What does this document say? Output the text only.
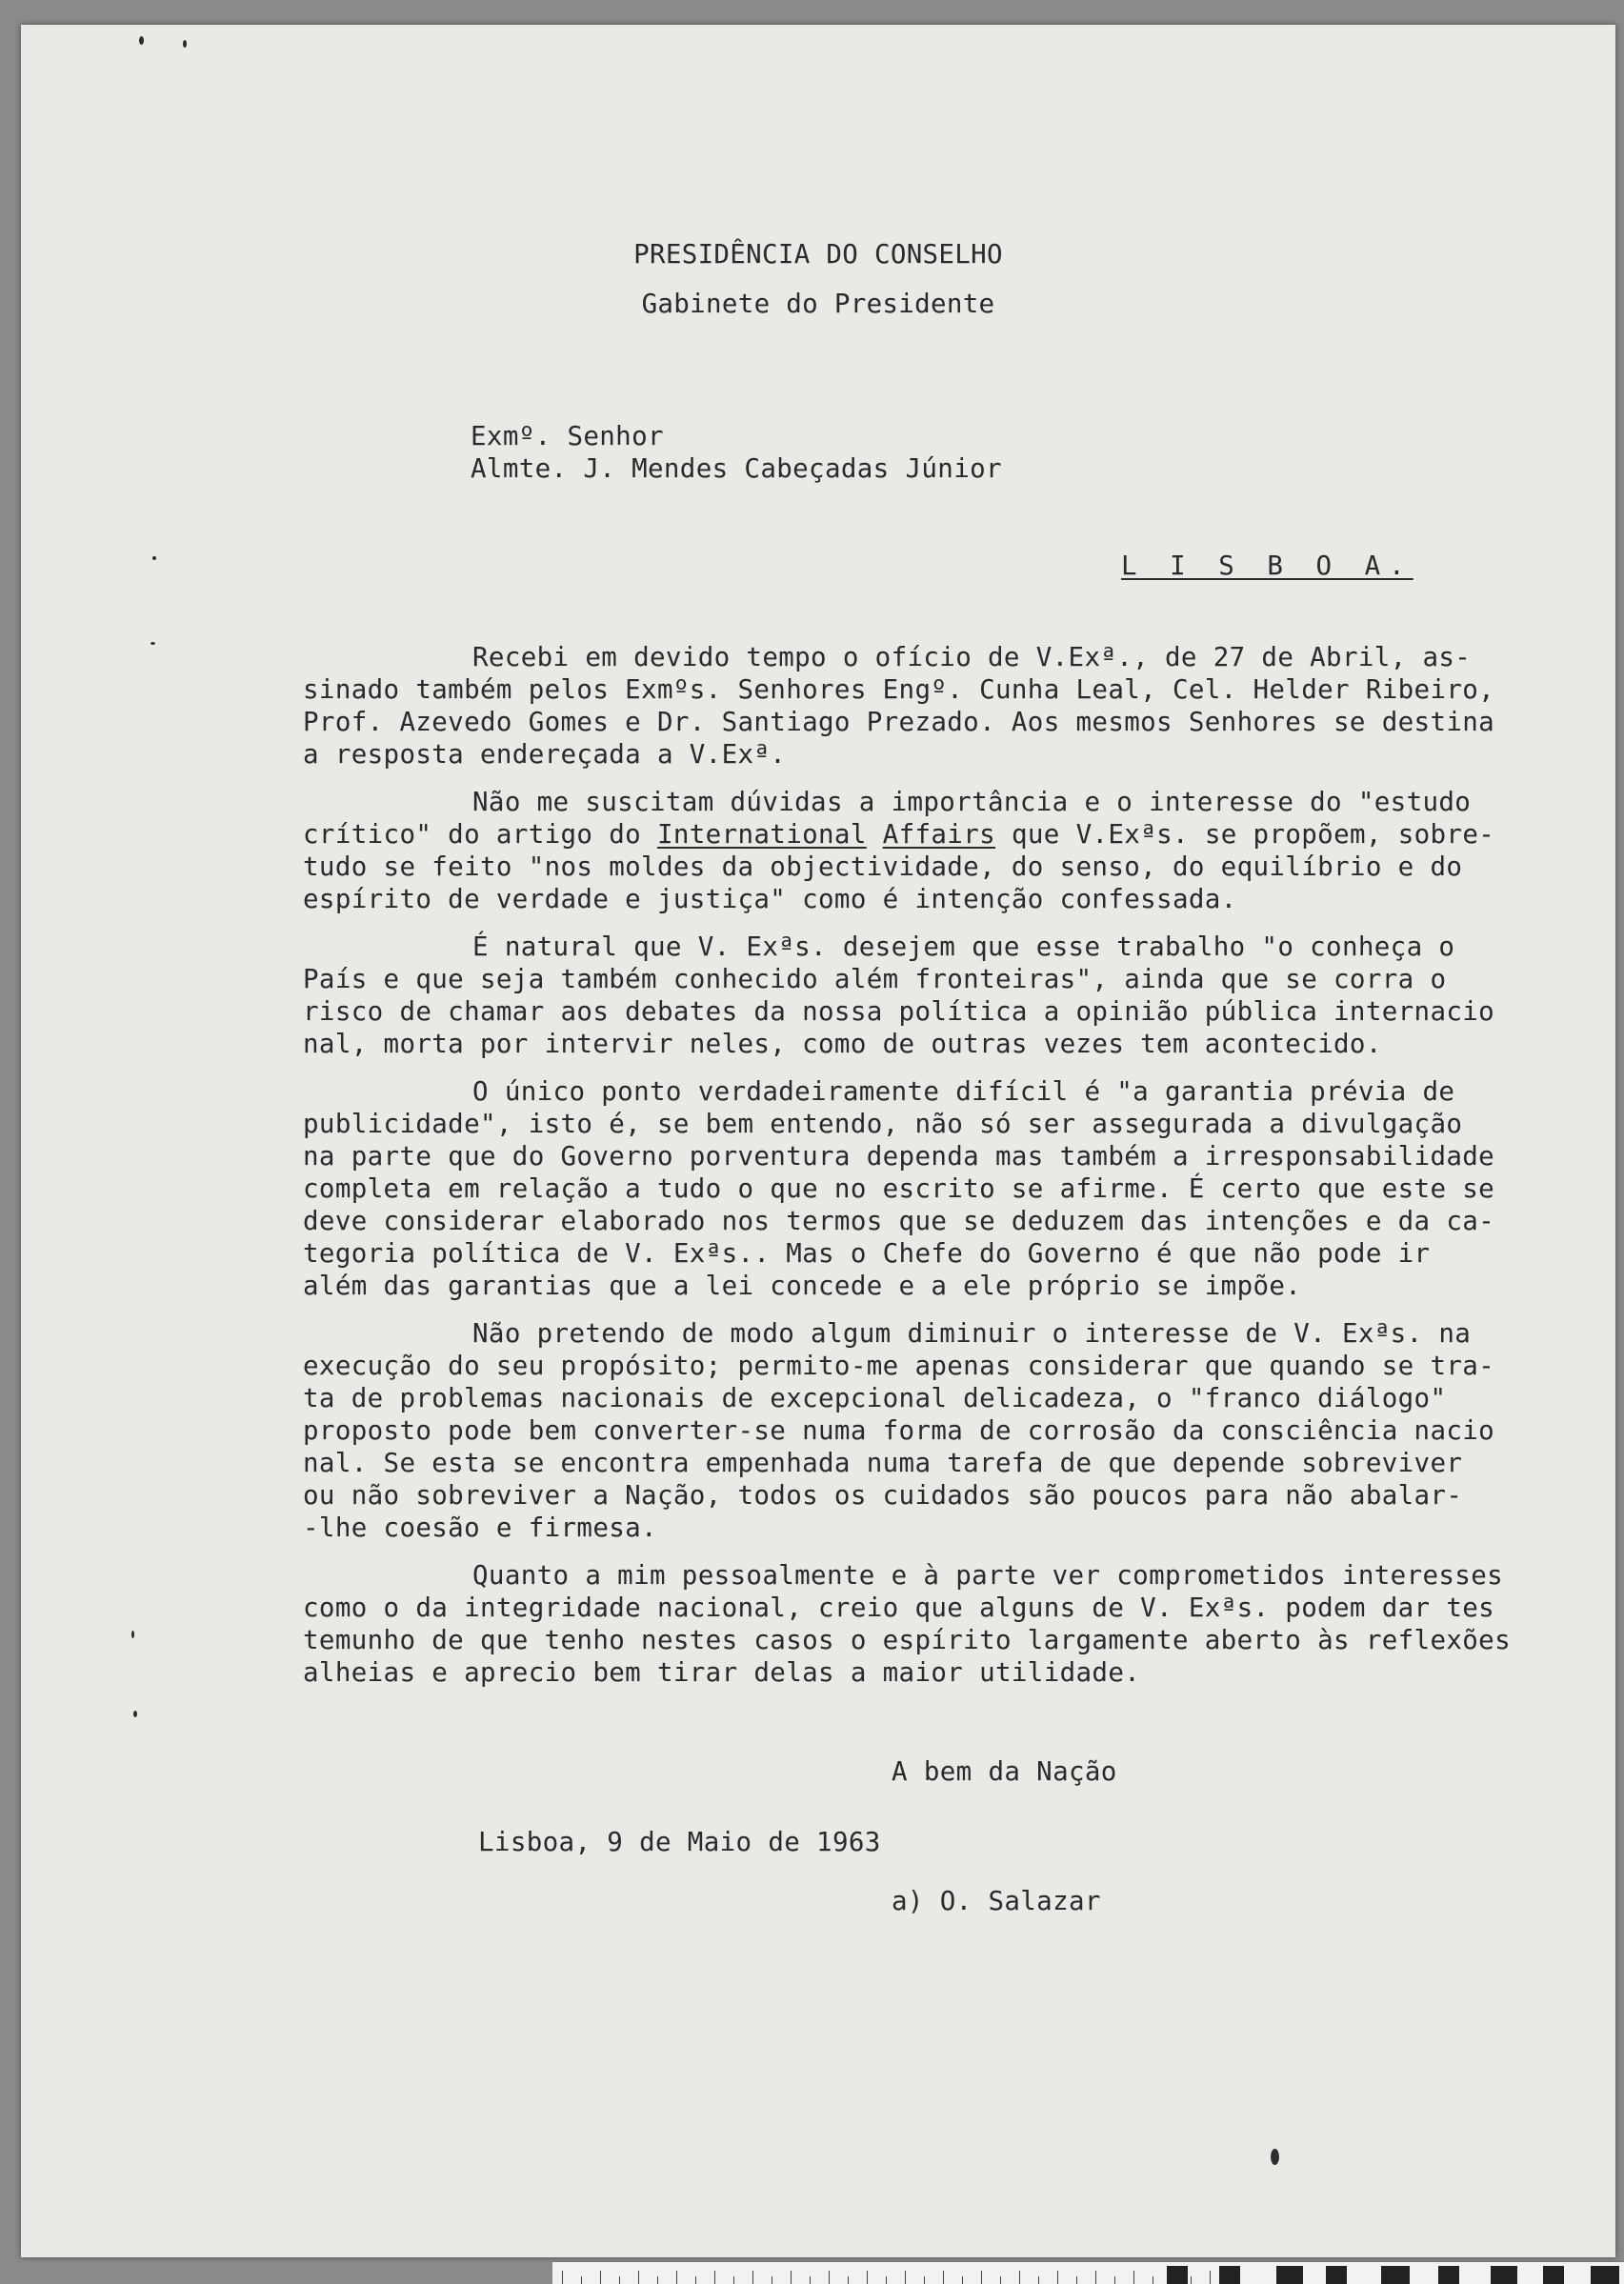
PRESIDÊNCIA DO CONSELHO
Gabinete do Presidente
Exmº. Senhor
Almte. J. Mendes Cabeçadas Júnior
L I S B O A.
Recebi em devido tempo o ofício de V.Exª., de 27 de Abril, as-
sinado também pelos Exmºs. Senhores Engº. Cunha Leal, Cel. Helder Ribeiro,
Prof. Azevedo Gomes e Dr. Santiago Prezado. Aos mesmos Senhores se destina
a resposta endereçada a V.Exª.
Não me suscitam dúvidas a importância e o interesse do "estudo
crítico" do artigo do International Affairs que V.Exªs. se propõem, sobre-
tudo se feito "nos moldes da objectividade, do senso, do equilíbrio e do
espírito de verdade e justiça" como é intenção confessada.
É natural que V. Exªs. desejem que esse trabalho "o conheça o
País e que seja também conhecido além fronteiras", ainda que se corra o
risco de chamar aos debates da nossa política a opinião pública internacio
nal, morta por intervir neles, como de outras vezes tem acontecido.
O único ponto verdadeiramente difícil é "a garantia prévia de
publicidade", isto é, se bem entendo, não só ser assegurada a divulgação
na parte que do Governo porventura dependa mas também a irresponsabilidade
completa em relação a tudo o que no escrito se afirme. É certo que este se
deve considerar elaborado nos termos que se deduzem das intenções e da ca-
tegoria política de V. Exªs.. Mas o Chefe do Governo é que não pode ir
além das garantias que a lei concede e a ele próprio se impõe.
Não pretendo de modo algum diminuir o interesse de V. Exªs. na
execução do seu propósito; permito-me apenas considerar que quando se tra-
ta de problemas nacionais de excepcional delicadeza, o "franco diálogo"
proposto pode bem converter-se numa forma de corrosão da consciência nacio
nal. Se esta se encontra empenhada numa tarefa de que depende sobreviver
ou não sobreviver a Nação, todos os cuidados são poucos para não abalar-
-lhe coesão e firmesa.
Quanto a mim pessoalmente e à parte ver comprometidos interesses
como o da integridade nacional, creio que alguns de V. Exªs. podem dar tes
temunho de que tenho nestes casos o espírito largamente aberto às reflexões
alheias e aprecio bem tirar delas a maior utilidade.
A bem da Nação
Lisboa, 9 de Maio de 1963
a) O. Salazar
